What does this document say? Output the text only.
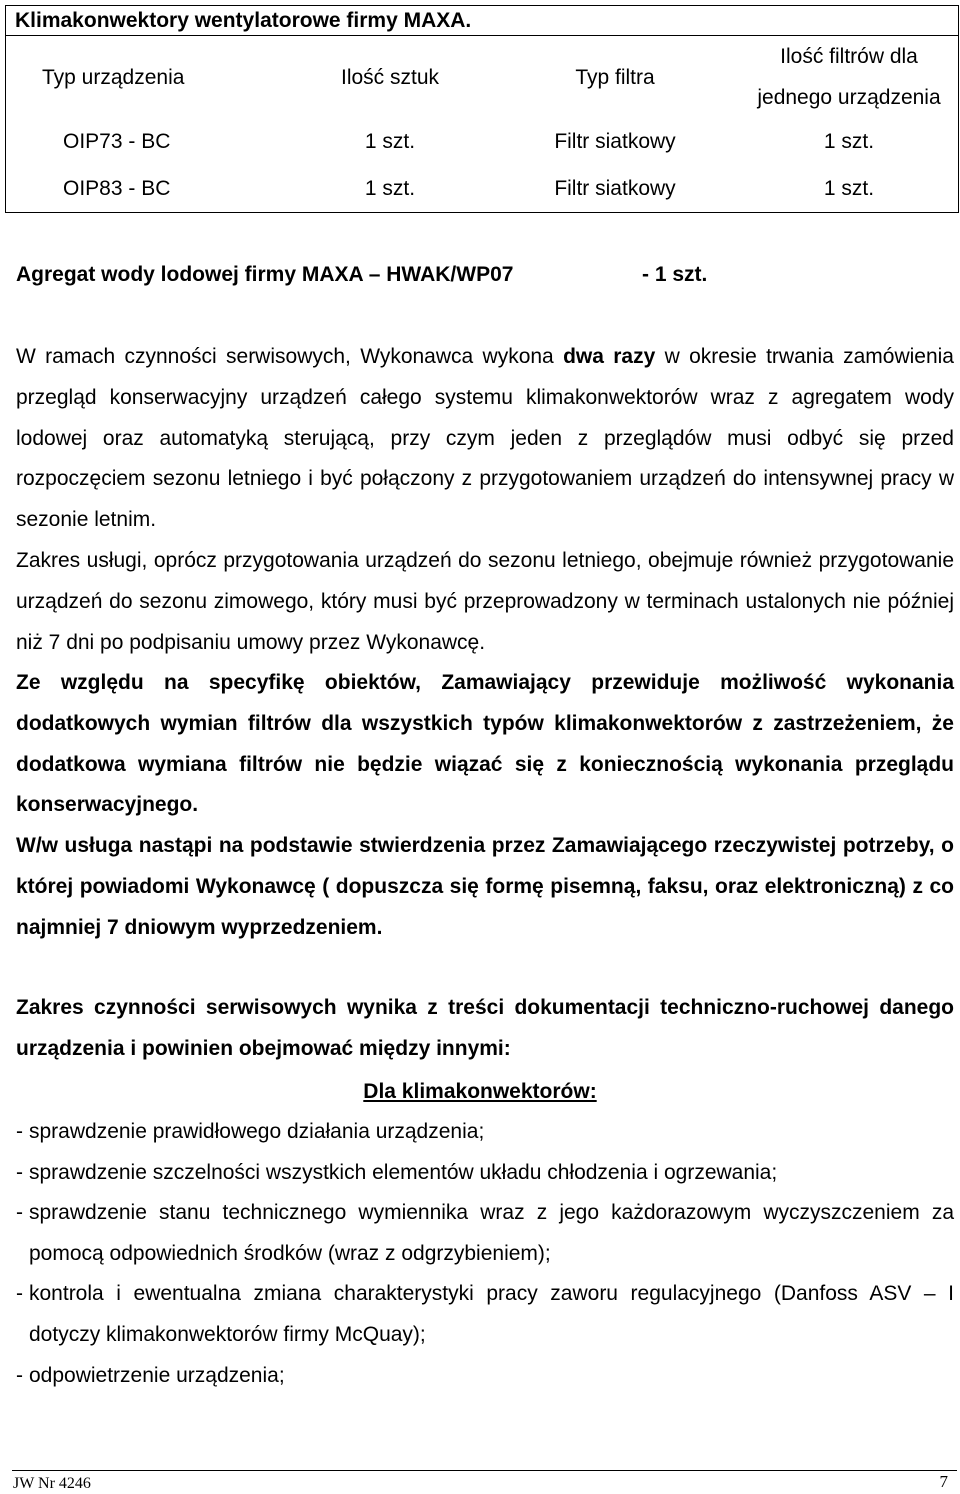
Klimakonwektory wentylatorowe firmy MAXA.			
Typ urządzenia	Ilość sztuk	Typ filtra	Ilość filtrów dla
jednego urządzenia
OIP73 - BC	1 szt.	Filtr siatkowy	1 szt.
OIP83 - BC	1 szt.	Filtr siatkowy	1 szt.
Agregat wody lodowej firmy MAXA – HWAK/WP07	- 1 szt.
W ramach czynności serwisowych, Wykonawca wykona dwa razy w okresie trwania zamówienia przegląd konserwacyjny urządzeń całego systemu klimakonwektorów wraz z agregatem wody lodowej oraz automatyką sterującą, przy czym jeden z przeglądów musi odbyć się przed rozpoczęciem sezonu letniego i być połączony z przygotowaniem urządzeń do intensywnej pracy w sezonie letnim.
Zakres usługi, oprócz przygotowania urządzeń do sezonu letniego, obejmuje również przygotowanie urządzeń do sezonu zimowego, który musi być przeprowadzony w terminach ustalonych nie później niż 7 dni po podpisaniu umowy przez Wykonawcę.
Ze względu na specyfikę obiektów, Zamawiający przewiduje możliwość wykonania dodatkowych wymian filtrów dla wszystkich typów klimakonwektorów z zastrzeżeniem, że dodatkowa wymiana filtrów nie będzie wiązać się z koniecznością wykonania przeglądu konserwacyjnego.
W/w usługa nastąpi na podstawie stwierdzenia przez Zamawiającego rzeczywistej potrzeby, o której powiadomi Wykonawcę ( dopuszcza się formę pisemną, faksu, oraz elektroniczną) z co najmniej 7 dniowym wyprzedzeniem.
Zakres czynności serwisowych wynika z treści dokumentacji techniczno-ruchowej danego urządzenia i powinien obejmować między innymi:
Dla klimakonwektorów:
- sprawdzenie prawidłowego działania urządzenia;
- sprawdzenie szczelności wszystkich elementów układu chłodzenia i ogrzewania;
- sprawdzenie stanu technicznego wymiennika wraz z jego każdorazowym wyczyszczeniem za pomocą odpowiednich środków (wraz z odgrzybieniem);
- kontrola i ewentualna zmiana charakterystyki pracy zaworu regulacyjnego (Danfoss ASV – I dotyczy klimakonwektorów firmy McQuay);
- odpowietrzenie urządzenia;
JW Nr 4246	7
